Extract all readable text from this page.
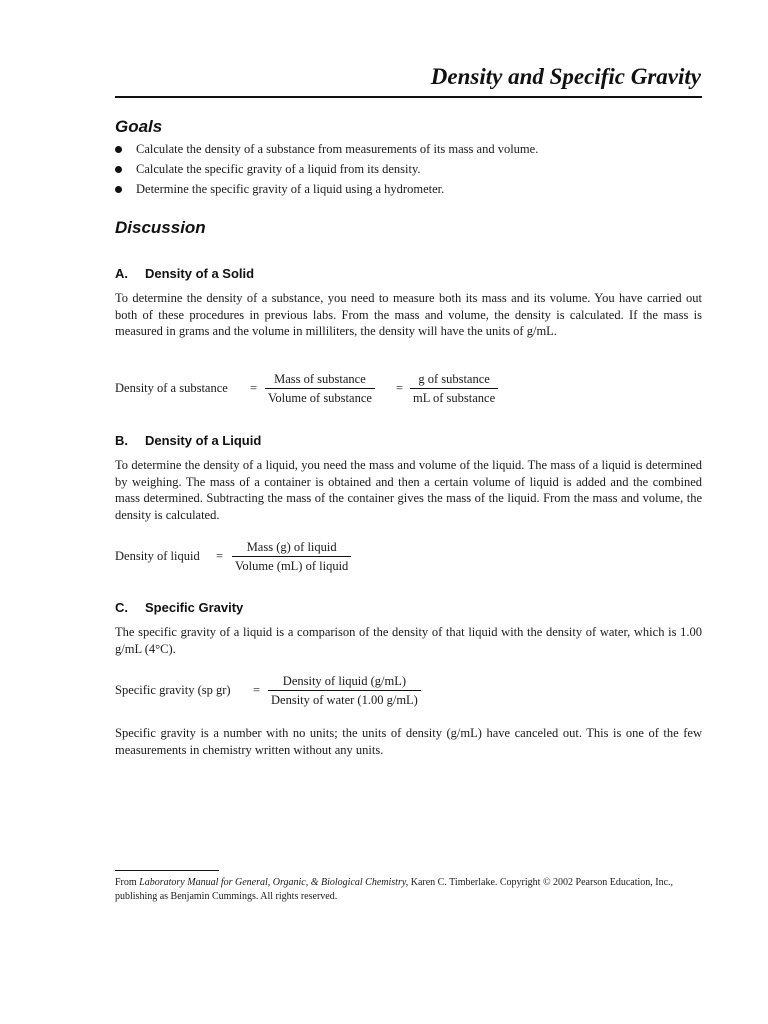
Density and Specific Gravity
Goals
Calculate the density of a substance from measurements of its mass and volume.
Calculate the specific gravity of a liquid from its density.
Determine the specific gravity of a liquid using a hydrometer.
Discussion
A. Density of a Solid
To determine the density of a substance, you need to measure both its mass and its volume. You have carried out both of these procedures in previous labs. From the mass and volume, the density is calculated. If the mass is measured in grams and the volume in milliliters, the density will have the units of g/mL.
Density of a substance =
Mass of substance
Volume of substance
=
g of substance
mL of substance
B. Density of a Liquid
To determine the density of a liquid, you need the mass and volume of the liquid. The mass of a liquid is determined by weighing. The mass of a container is obtained and then a certain volume of liquid is added and the combined mass determined. Subtracting the mass of the container gives the mass of the liquid. From the mass and volume, the density is calculated.
Density of liquid =
Mass (g) of liquid
Volume (mL) of liquid
C. Specific Gravity
The specific gravity of a liquid is a comparison of the density of that liquid with the density of water, which is 1.00 g/mL (4°C).
Specific gravity (sp gr) =
Density of liquid (g/mL)
Density of water (1.00 g/mL)
Specific gravity is a number with no units; the units of density (g/mL) have canceled out. This is one of the few measurements in chemistry written without any units.
From Laboratory Manual for General, Organic, & Biological Chemistry, Karen C. Timberlake. Copyright © 2002 Pearson Education, Inc., publishing as Benjamin Cummings. All rights reserved.
